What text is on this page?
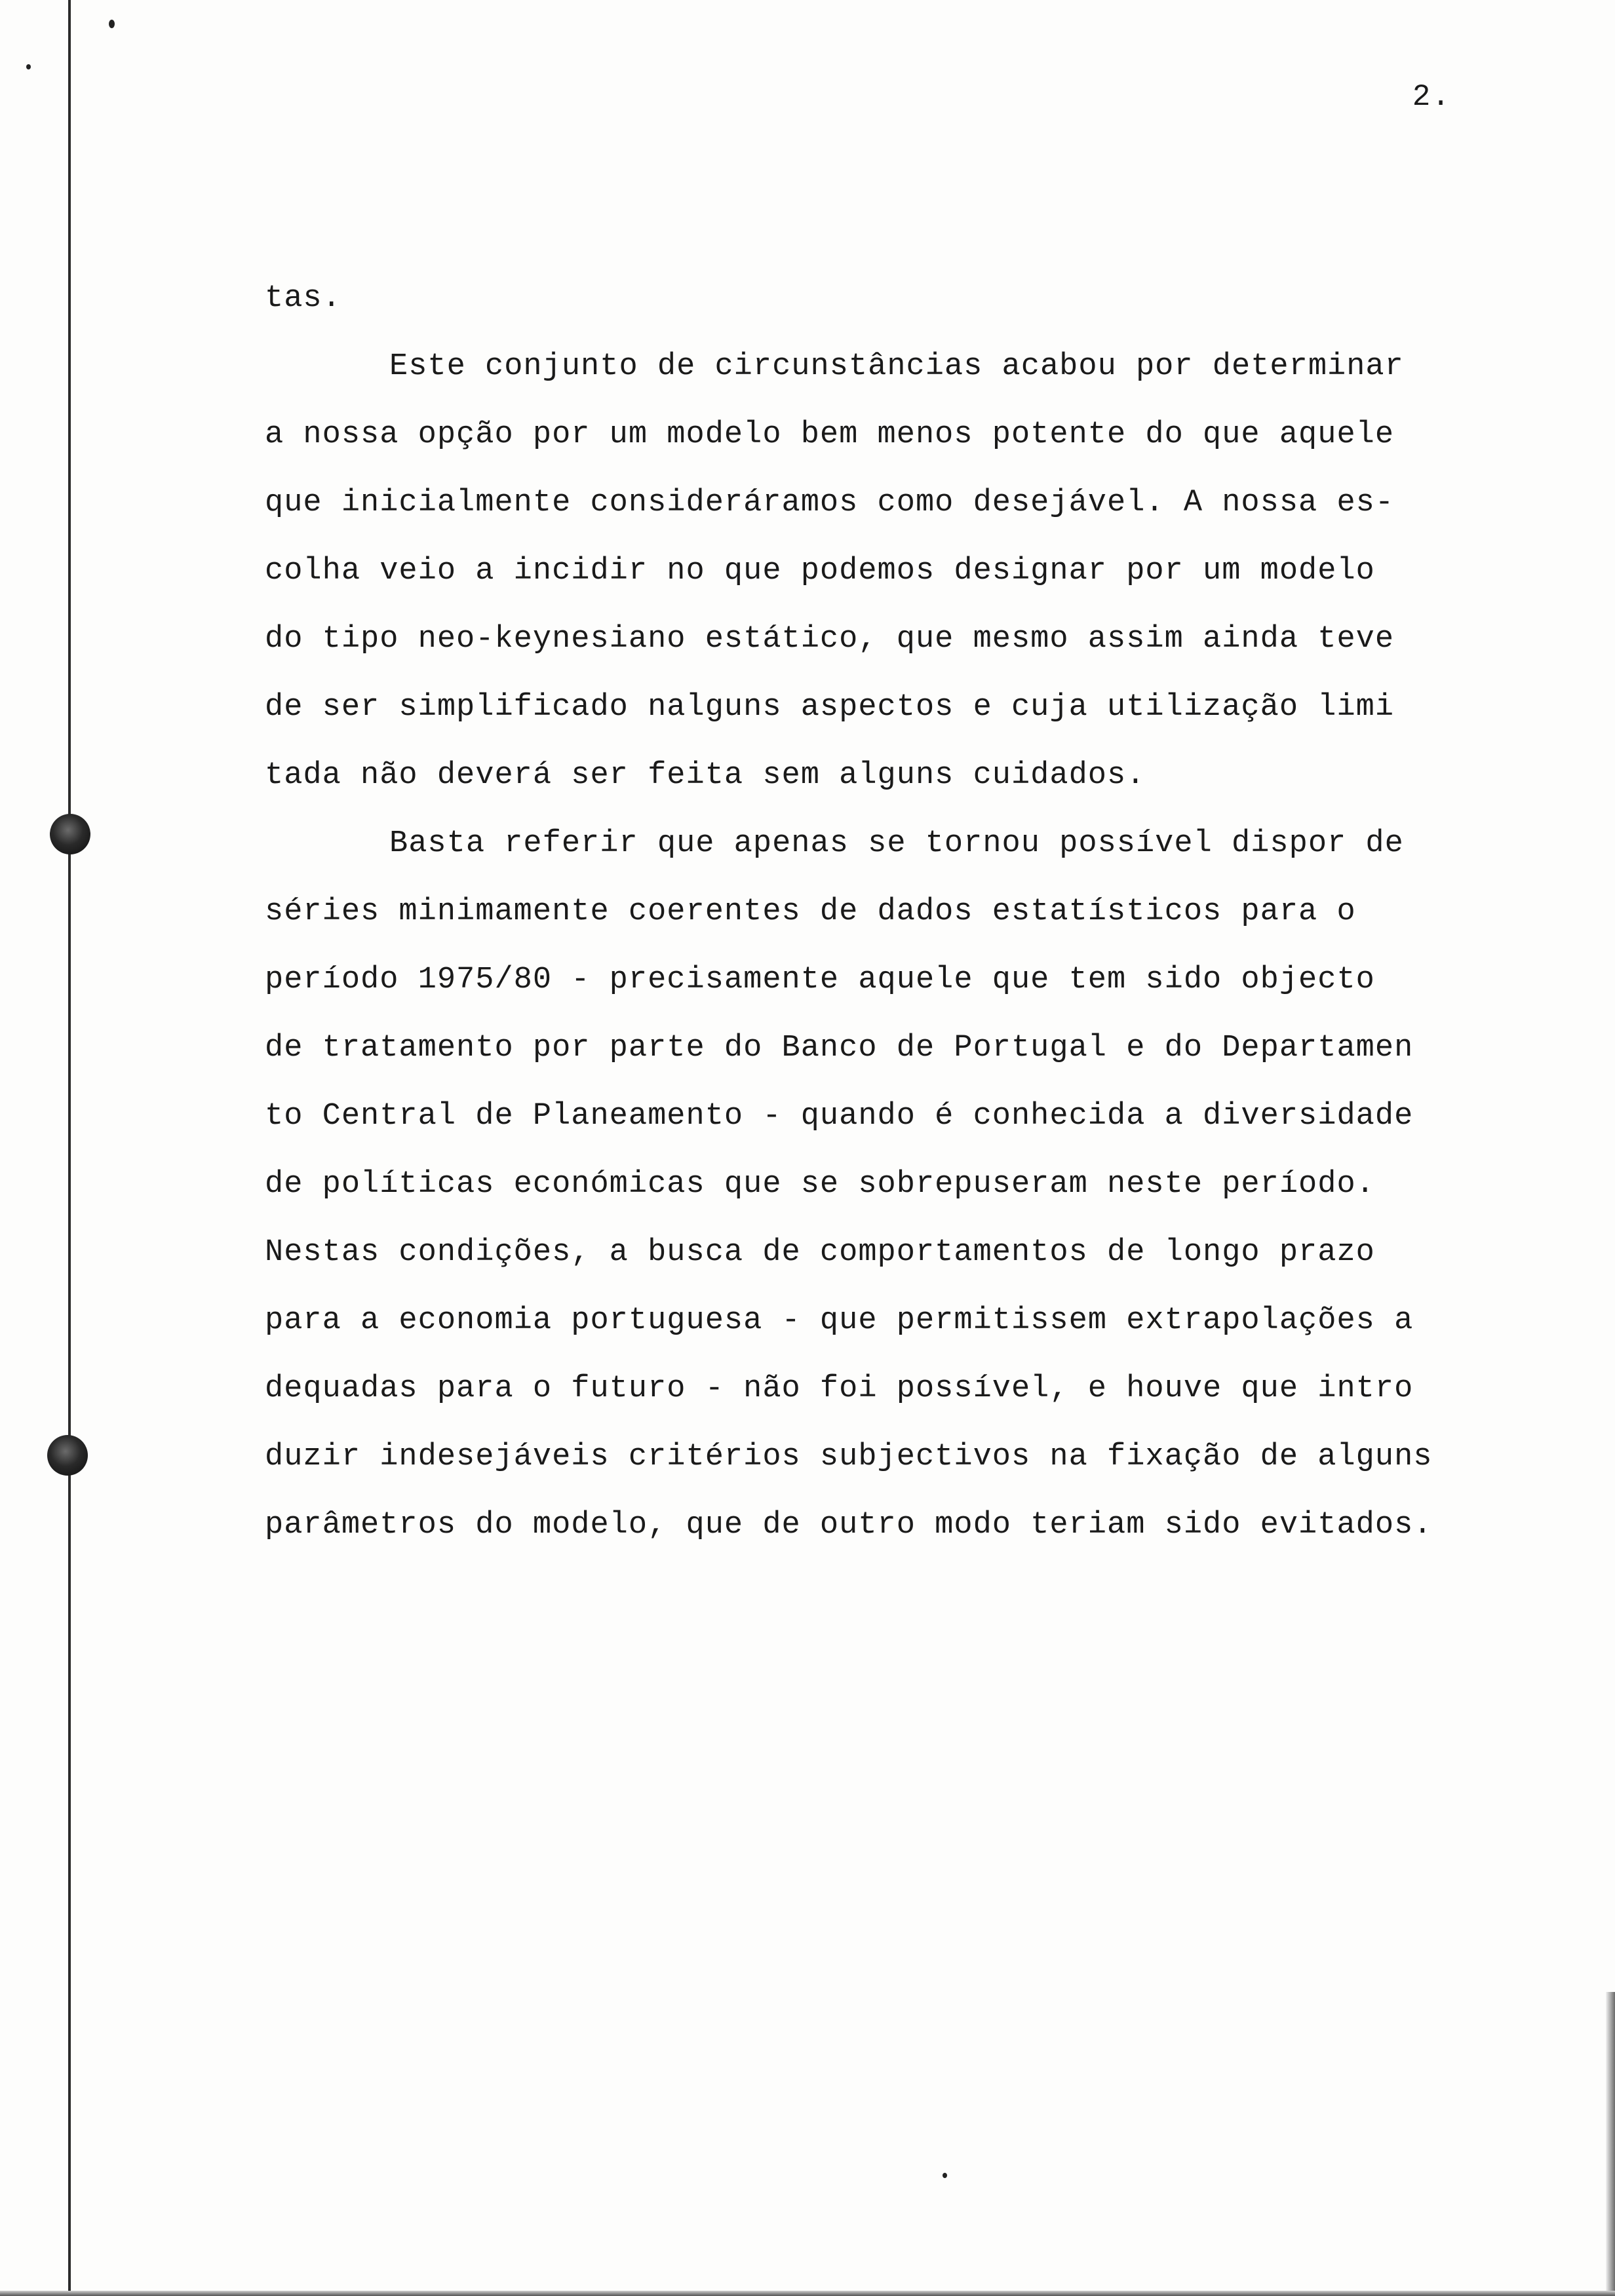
2.
tas.
Este conjunto de circunstâncias acabou por determinar
a nossa opção por um modelo bem menos potente do que aquele
que inicialmente consideráramos como desejável. A nossa es-
colha veio a incidir no que podemos designar por um modelo
do tipo neo-keynesiano estático, que mesmo assim ainda teve
de ser simplificado nalguns aspectos e cuja utilização limi
tada não deverá ser feita sem alguns cuidados.
Basta referir que apenas se tornou possível dispor de
séries minimamente coerentes de dados estatísticos para o
período 1975/80 - precisamente aquele que tem sido objecto
de tratamento por parte do Banco de Portugal e do Departamen
to Central de Planeamento - quando é conhecida a diversidade
de políticas económicas que se sobrepuseram neste período.
Nestas condições, a busca de comportamentos de longo prazo
para a economia portuguesa - que permitissem extrapolações a
dequadas para o futuro - não foi possível, e houve que intro
duzir indesejáveis critérios subjectivos na fixação de alguns
parâmetros do modelo, que de outro modo teriam sido evitados.
